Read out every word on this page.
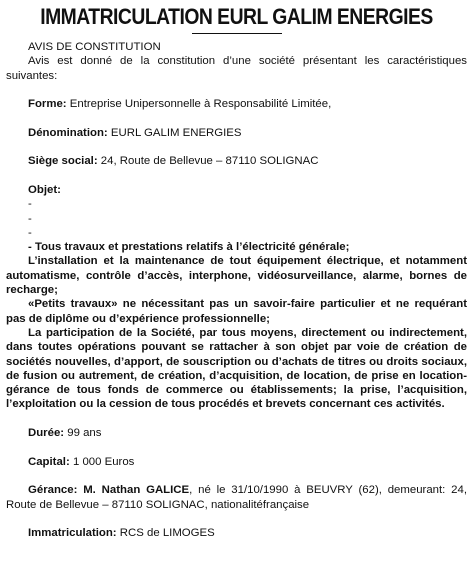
IMMATRICULATION EURL GALIM ENERGIES

AVIS DE CONSTITUTION

Avis est donné de la constitution d’une société présentant les caractéristiques suivantes:

Forme: Entreprise Unipersonnelle à Responsabilité Limitée,

Dénomination: EURL GALIM ENERGIES

Siège social: 24, Route de Bellevue – 87110 SOLIGNAC

Objet:

-

-

-

- Tous travaux et prestations relatifs à l’électricité générale;

L’installation et la maintenance de tout équipement électrique, et notamment automatisme, contrôle d’accès, interphone, vidéosurveillance, alarme, bornes de recharge;

«Petits travaux» ne nécessitant pas un savoir-faire particulier et ne requérant pas de diplôme ou d’expérience professionnelle;

La participation de la Société, par tous moyens, directement ou indirectement, dans toutes opérations pouvant se rattacher à son objet par voie de création de sociétés nouvelles, d’apport, de souscription ou d’achats de titres ou droits sociaux, de fusion ou autrement, de création, d’acquisition, de location, de prise en location-gérance de tous fonds de commerce ou établissements; la prise, l’acquisition, l’exploitation ou la cession de tous procédés et brevets concernant ces activités.

Durée: 99 ans

Capital: 1 000 Euros

Gérance: M. Nathan GALICE, né le 31/10/1990 à BEUVRY (62), demeurant: 24, Route de Bellevue – 87110 SOLIGNAC, nationalitéfrançaise

Immatriculation: RCS de LIMOGES
